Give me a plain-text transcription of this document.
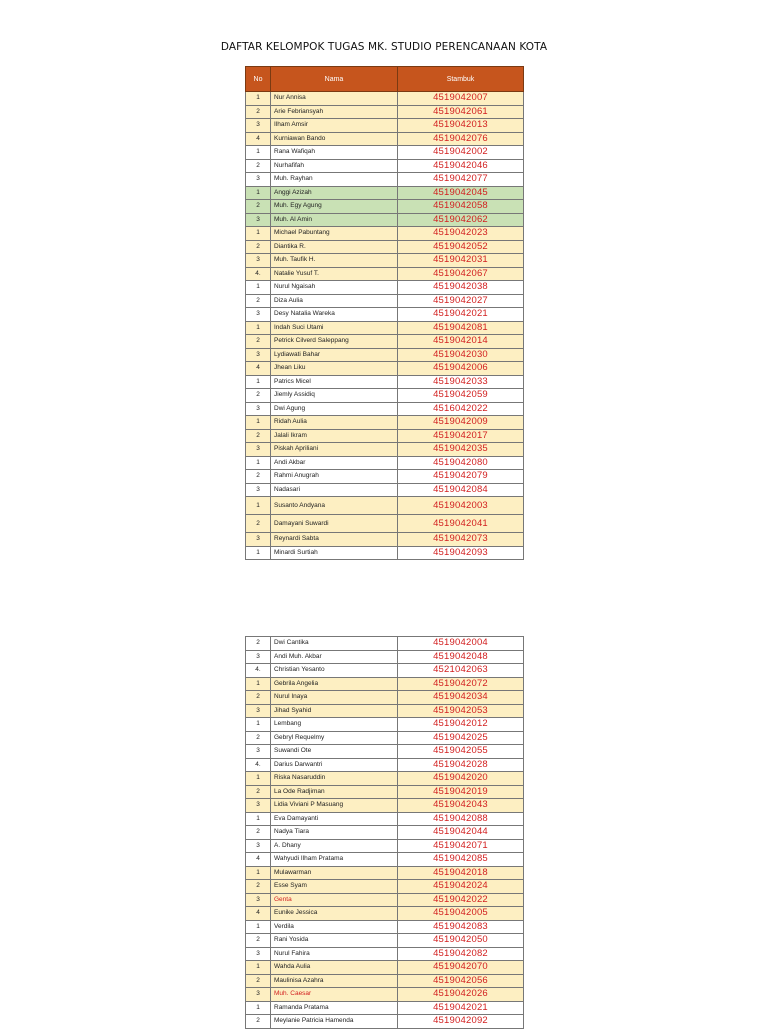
DAFTAR KELOMPOK TUGAS MK. STUDIO PERENCANAAN KOTA
No	Nama	Stambuk
1	Nur Annisa	4519042007
2	Arie Febriansyah	4519042061
3	Ilham Amsir	4519042013
4	Kurniawan Bando	4519042076
1	Rana Wafiqah	4519042002
2	Nurhafifah	4519042046
3	Muh. Rayhan	4519042077
1	Anggi Azizah	4519042045
2	Muh. Egy Agung	4519042058
3	Muh. Al Amin	4519042062
1	Michael Pabuntang	4519042023
2	Diantika R.	4519042052
3	Muh. Taufik H.	4519042031
4.	Natalie Yusuf T.	4519042067
1	Nurul Ngaisah	4519042038
2	Diza Aulia	4519042027
3	Desy Natalia Wareka	4519042021
1	Indah Suci Utami	4519042081
2	Petrick Cilverd Saleppang	4519042014
3	Lydiawati Bahar	4519042030
4	Jhean Liku	4519042006
1	Patrics Micel	4519042033
2	Jiemly Assidiq	4519042059
3	Dwi Agung	4516042022
1	Ridah Aulia	4519042009
2	Jalali Ikram	4519042017
3	Piskah Apriliani	4519042035
1	Andi Akbar	4519042080
2	Rahmi Anugrah	4519042079
3	Nadasari	4519042084
1	Susanto Andyana	4519042003
2	Damayani Suwardi	4519042041
3	Reynardi Sabta	4519042073
1	Minardi Surtiah	4519042093
2	Dwi Cantika	4519042004
3	Andi Muh. Akbar	4519042048
4.	Christian Yesanto	4521042063
1	Gebrila Angelia	4519042072
2	Nurul Inaya	4519042034
3	Jihad Syahid	4519042053
1	Lembang	4519042012
2	Gebryl Requelmy	4519042025
3	Suwandi Ote	4519042055
4.	Darius Darwantri	4519042028
1	Riska Nasaruddin	4519042020
2	La Ode Radjiman	4519042019
3	Lidia Viviani P Masuang	4519042043
1	Eva Damayanti	4519042088
2	Nadya Tiara	4519042044
3	A. Dhany	4519042071
4	Wahyudi Ilham Pratama	4519042085
1	Mulawarman	4519042018
2	Esse Syam	4519042024
3	Genta	4519042022
4	Eunike Jessica	4519042005
1	Verdila	4519042083
2	Rani Yosida	4519042050
3	Nurul Fahira	4519042082
1	Wahda Aulia	4519042070
2	Maulinisa Azahra	4519042056
3	Muh. Caesar	4519042026
1	Ramanda Pratama	4519042021
2	Meylanie Patricia Hamenda	4519042092
